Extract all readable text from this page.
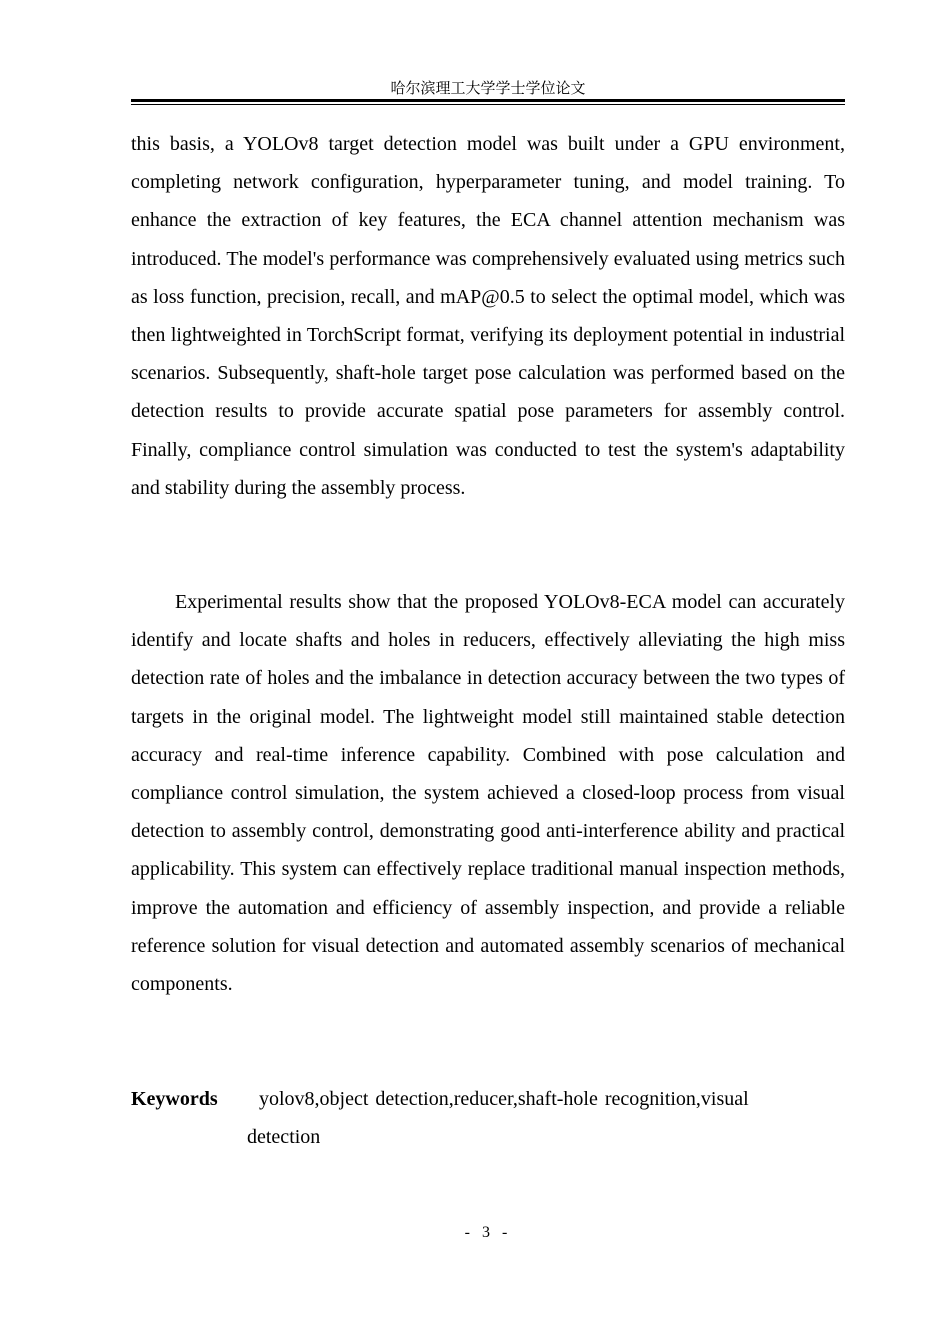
哈尔滨理工大学学士学位论文

this basis, a YOLOv8 target detection model was built under a GPU environment, completing network configuration, hyperparameter tuning, and model training. To enhance the extraction of key features, the ECA channel attention mechanism was introduced. The model's performance was comprehensively evaluated using metrics such as loss function, precision, recall, and mAP@0.5 to select the optimal model, which was then lightweighted in TorchScript format, verifying its deployment potential in industrial scenarios. Subsequently, shaft-hole target pose calculation was performed based on the detection results to provide accurate spatial pose parameters for assembly control. Finally, compliance control simulation was conducted to test the system's adaptability and stability during the assembly process.

Experimental results show that the proposed YOLOv8-ECA model can accurately identify and locate shafts and holes in reducers, effectively alleviating the high miss detection rate of holes and the imbalance in detection accuracy between the two types of targets in the original model. The lightweight model still maintained stable detection accuracy and real-time inference capability. Combined with pose calculation and compliance control simulation, the system achieved a closed-loop process from visual detection to assembly control, demonstrating good anti-interference ability and practical applicability. This system can effectively replace traditional manual inspection methods, improve the automation and efficiency of assembly inspection, and provide a reliable reference solution for visual detection and automated assembly scenarios of mechanical components.

Keywords	yolov8,object detection,reducer,shaft-hole recognition,visual detection
- 3 -
